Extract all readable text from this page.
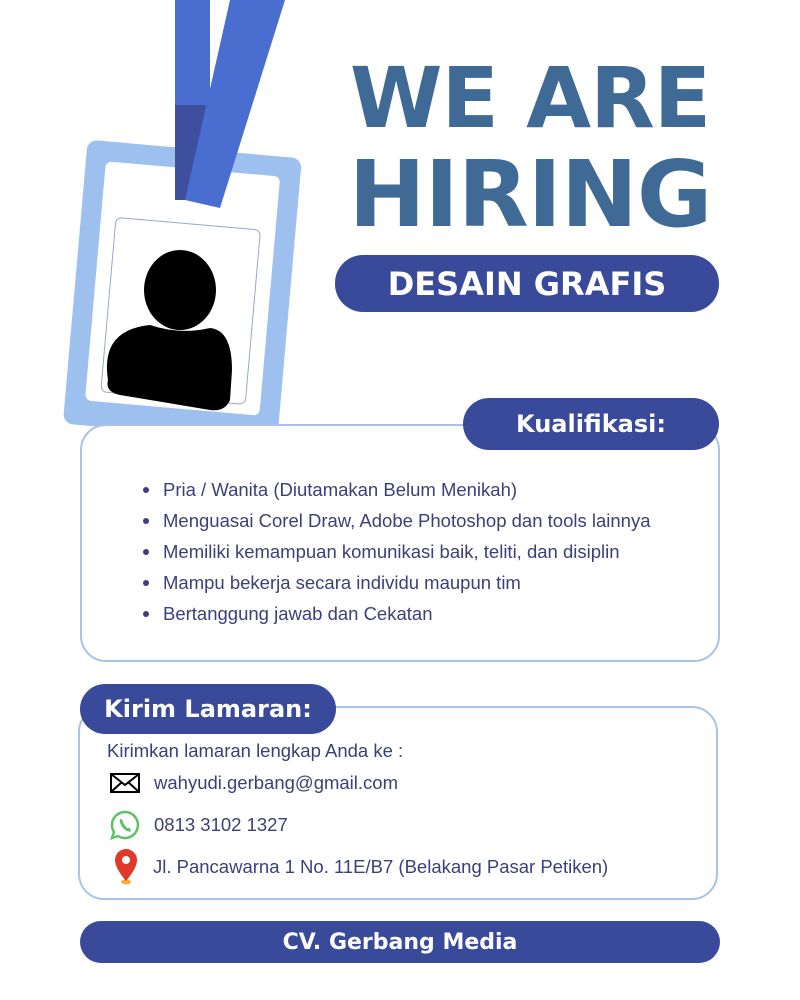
WE ARE
HIRING
DESAIN GRAFIS
Kualifikasi:
Pria / Wanita (Diutamakan Belum Menikah)
Menguasai Corel Draw, Adobe Photoshop dan tools lainnya
Memiliki kemampuan komunikasi baik, teliti, dan disiplin
Mampu bekerja secara individu maupun tim
Bertanggung jawab dan Cekatan
Kirim Lamaran:
Kirimkan lamaran lengkap Anda ke :
wahyudi.gerbang@gmail.com
0813 3102 1327
Jl. Pancawarna 1 No. 11E/B7 (Belakang Pasar Petiken)
CV. Gerbang Media
